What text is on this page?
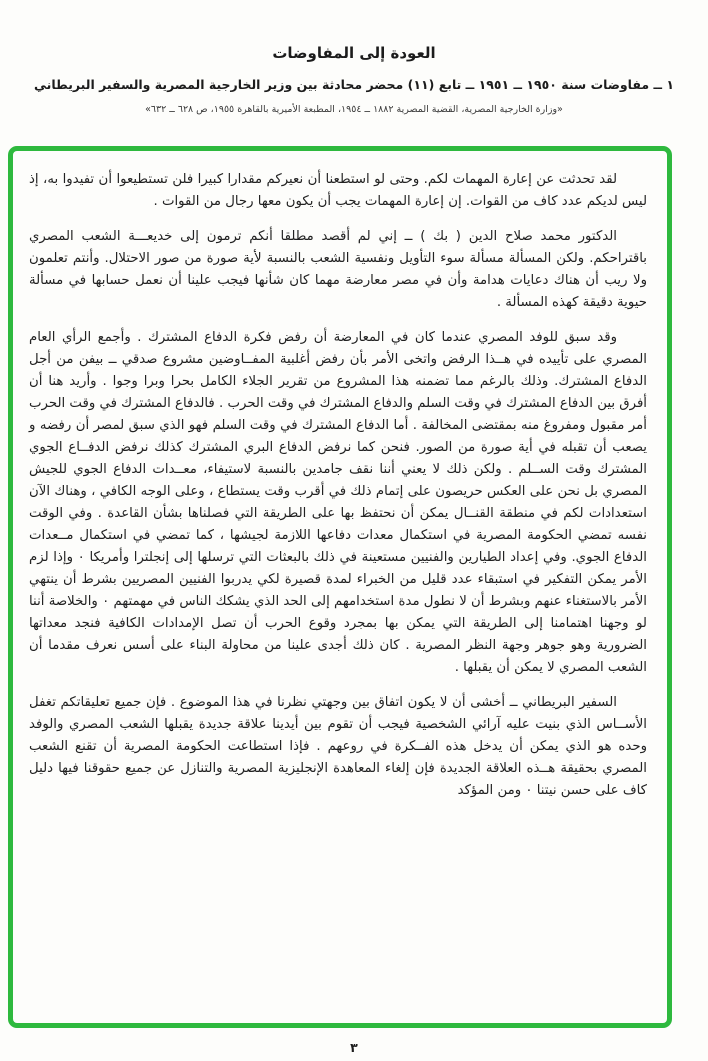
العودة إلى المفاوضات
١ ــ مفاوضات سنة ١٩٥٠ ــ ١٩٥١ ــ تابع (١١) محضر محادثة بين وزير الخارجية المصرية والسفير البريطاني
«وزارة الخارجية المصرية، القضية المصرية ١٨٨٢ ــ ١٩٥٤، المطبعة الأميرية بالقاهرة ١٩٥٥، ص ٦٢٨ ــ ٦٣٢»

لقد تحدثت عن إعارة المهمات لكم. وحتى لو استطعنا أن نعيركم مقدارا كبيرا فلن تستطيعوا أن تفيدوا به، إذ ليس لديكم عدد كاف من القوات. إن إعارة المهمات يجب أن يكون معها رجال من القوات .

الدكتور محمد صلاح الدين ( بك ) ــ إني لم أقصد مطلقا أنكم ترمون إلى خديعـــة الشعب المصري باقتراحكم. ولكن المسألة مسألة سوء التأويل ونفسية الشعب بالنسبة لأية صورة من صور الاحتلال. وأنتم تعلمون ولا ريب أن هناك دعايات هدامة وأن في مصر معارضة مهما كان شأنها فيجب علينا أن نعمل حسابها في مسألة حيوية دقيقة كهذه المسألة .

وقد سبق للوفد المصري عندما كان في المعارضة أن رفض فكرة الدفاع المشترك . وأجمع الرأي العام المصري على تأييده في هــذا الرفض واتخى الأمر بأن رفض أغلبية المفــاوضين مشروع صدقي ــ بيفن من أجل الدفاع المشترك. وذلك بالرغم مما تضمنه هذا المشروع من تقرير الجلاء الكامل بحرا وبرا وجوا . وأريد هنا أن أفرق بين الدفاع المشترك في وقت السلم والدفاع المشترك في وقت الحرب . فالدفاع المشترك في وقت الحرب أمر مقبول ومفروغ منه بمقتضى المخالفة . أما الدفاع المشترك في وقت السلم فهو الذي سبق لمصر أن رفضه و يصعب أن تقبله في أية صورة من الصور. فنحن كما نرفض الدفاع البري المشترك كذلك نرفض الدفــاع الجوي المشترك وقت الســلم . ولكن ذلك لا يعني أننا نقف جامدين بالنسبة لاستيفاء، معــدات الدفاع الجوي للجيش المصري بل نحن على العكس حريصون على إتمام ذلك في أقرب وقت يستطاع ، وعلى الوجه الكافي ، وهناك الآن استعدادات لكم في منطقة القنــال يمكن أن نحتفظ بها على الطريقة التي فصلناها بشأن القاعدة . وفي الوقت نفسه تمضي الحكومة المصرية في استكمال معدات دفاعها اللازمة لجيشها ، كما تمضي في استكمال مــعدات الدفاع الجوي. وفي إعداد الطيارين والفنيين مستعينة في ذلك بالبعثات التي ترسلها إلى إنجلترا وأمريكا ٠ وإذا لزم الأمر يمكن التفكير في استبقاء عدد قليل من الخبراء لمدة قصيرة لكي يدربوا الفنيين المصريين بشرط أن ينتهي الأمر بالاستغناء عنهم وبشرط أن لا نطول مدة استخدامهم إلى الحد الذي يشكك الناس في مهمتهم ٠ والخلاصة أننا لو وجهنا اهتمامنا إلى الطريقة التي يمكن بها بمجرد وقوع الحرب أن تصل الإمدادات الكافية فنجد معداتها الضرورية وهو جوهر وجهة النظر المصرية . كان ذلك أجدى علينا من محاولة البناء على أسس نعرف مقدما أن الشعب المصري لا يمكن أن يقبلها .

السفير البريطاني ــ أخشى أن لا يكون اتفاق بين وجهتي نظرنا في هذا الموضوع . فإن جميع تعليقاتكم تغفل الأســاس الذي بنيت عليه آرائي الشخصية فيجب أن تقوم بين أيدينا علاقة جديدة يقبلها الشعب المصري والوفد وحده هو الذي يمكن أن يدخل هذه الفــكرة في روعهم . فإذا استطاعت الحكومة المصرية أن تقنع الشعب المصري بحقيقة هــذه العلاقة الجديدة فإن إلغاء المعاهدة الإنجليزية المصرية والتنازل عن جميع حقوقنا فيها دليل كاف على حسن نيتنا ٠ ومن المؤكد

٣
